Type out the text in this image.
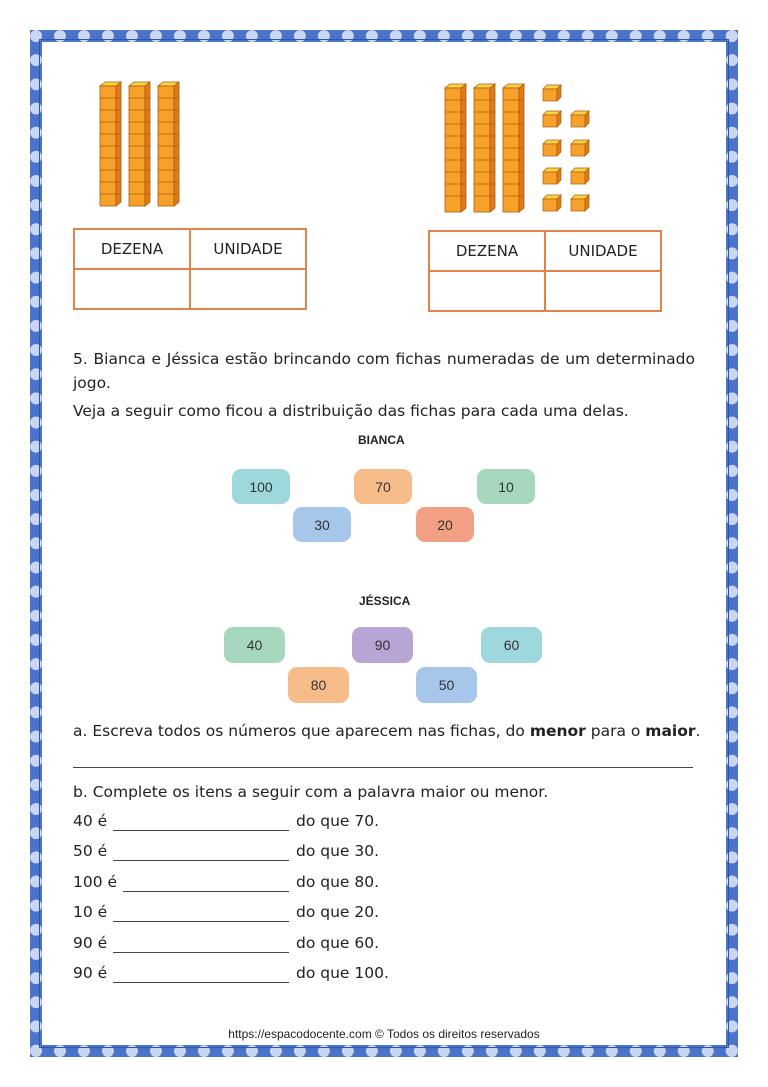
DEZENA	UNIDADE
		DEZENA	UNIDADE

5. Bianca e Jéssica estão brincando com fichas numeradas de um determinado jogo.
Veja a seguir como ficou a distribuição das fichas para cada uma delas.
BIANCA
100	70	10
30	20
JÉSSICA
40	90	60
80	50
a. Escreva todos os números que aparecem nas fichas, do menor para o maior.
b. Complete os itens a seguir com a palavra maior ou menor.
40 é	do que 70.
50 é	do que 30.
100 é	do que 80.
10 é	do que 20.
90 é	do que 60.
90 é	do que 100.
https://espacodocente.com © Todos os direitos reservados
